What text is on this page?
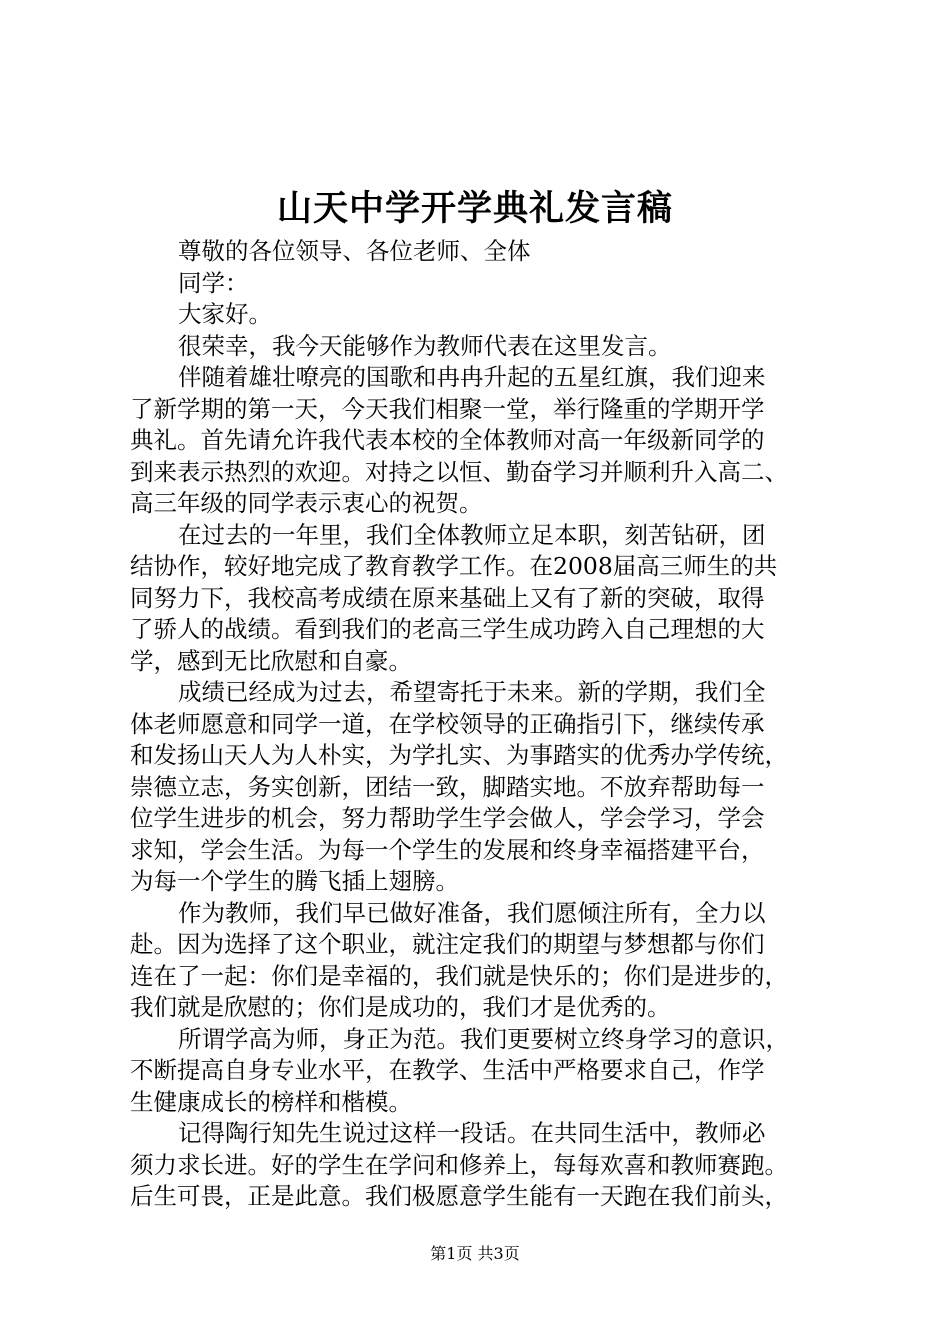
山天中学开学典礼发言稿
尊敬的各位领导、各位老师、全体
同学：
大家好。
很荣幸，我今天能够作为教师代表在这里发言。
伴随着雄壮嘹亮的国歌和冉冉升起的五星红旗，我们迎来
了新学期的第一天，今天我们相聚一堂，举行隆重的学期开学
典礼。首先请允许我代表本校的全体教师对高一年级新同学的
到来表示热烈的欢迎。对持之以恒、勤奋学习并顺利升入高二、
高三年级的同学表示衷心的祝贺。
在过去的一年里，我们全体教师立足本职，刻苦钻研，团
结协作，较好地完成了教育教学工作。在2008届高三师生的共
同努力下，我校高考成绩在原来基础上又有了新的突破，取得
了骄人的战绩。看到我们的老高三学生成功跨入自己理想的大
学，感到无比欣慰和自豪。
成绩已经成为过去，希望寄托于未来。新的学期，我们全
体老师愿意和同学一道，在学校领导的正确指引下，继续传承
和发扬山天人为人朴实，为学扎实、为事踏实的优秀办学传统，
崇德立志，务实创新，团结一致，脚踏实地。不放弃帮助每一
位学生进步的机会，努力帮助学生学会做人，学会学习，学会
求知，学会生活。为每一个学生的发展和终身幸福搭建平台，
为每一个学生的腾飞插上翅膀。
作为教师，我们早已做好准备，我们愿倾注所有，全力以
赴。因为选择了这个职业，就注定我们的期望与梦想都与你们
连在了一起：你们是幸福的，我们就是快乐的；你们是进步的，
我们就是欣慰的；你们是成功的，我们才是优秀的。
所谓学高为师，身正为范。我们更要树立终身学习的意识，
不断提高自身专业水平，在教学、生活中严格要求自己，作学
生健康成长的榜样和楷模。
记得陶行知先生说过这样一段话。在共同生活中，教师必
须力求长进。好的学生在学问和修养上，每每欢喜和教师赛跑。
后生可畏，正是此意。我们极愿意学生能有一天跑在我们前头，
第1页 共3页
